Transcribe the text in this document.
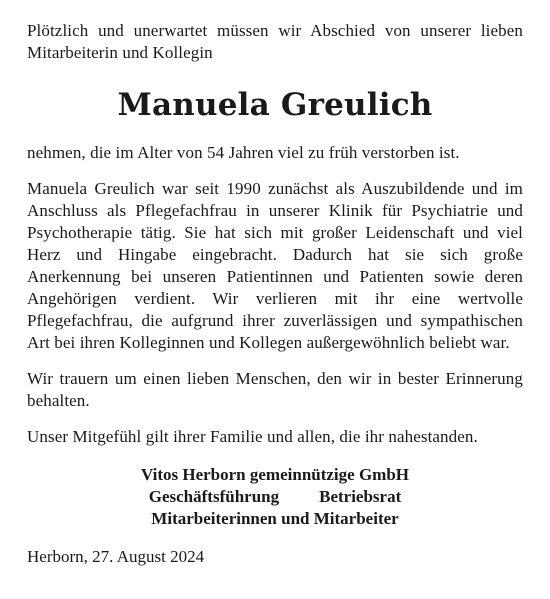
Plötzlich und unerwartet müssen wir Abschied von unserer lieben Mitarbeiterin und Kollegin

Manuela Greulich

nehmen, die im Alter von 54 Jahren viel zu früh verstorben ist.

Manuela Greulich war seit 1990 zunächst als Auszubildende und im Anschluss als Pflegefachfrau in unserer Klinik für Psychiatrie und Psychotherapie tätig. Sie hat sich mit großer Leidenschaft und viel Herz und Hingabe eingebracht. Dadurch hat sie sich große Anerkennung bei unseren Patientinnen und Patienten sowie deren Angehörigen verdient. Wir verlieren mit ihr eine wertvolle Pflegefachfrau, die aufgrund ihrer zuverlässigen und sympathischen Art bei ihren Kolleginnen und Kollegen außergewöhnlich beliebt war.

Wir trauern um einen lieben Menschen, den wir in bester Erinnerung behalten.

Unser Mitgefühl gilt ihrer Familie und allen, die ihr nahestanden.

Vitos Herborn gemeinnützige GmbH
Geschäftsführung Betriebsrat
Mitarbeiterinnen und Mitarbeiter
Herborn, 27. August 2024
